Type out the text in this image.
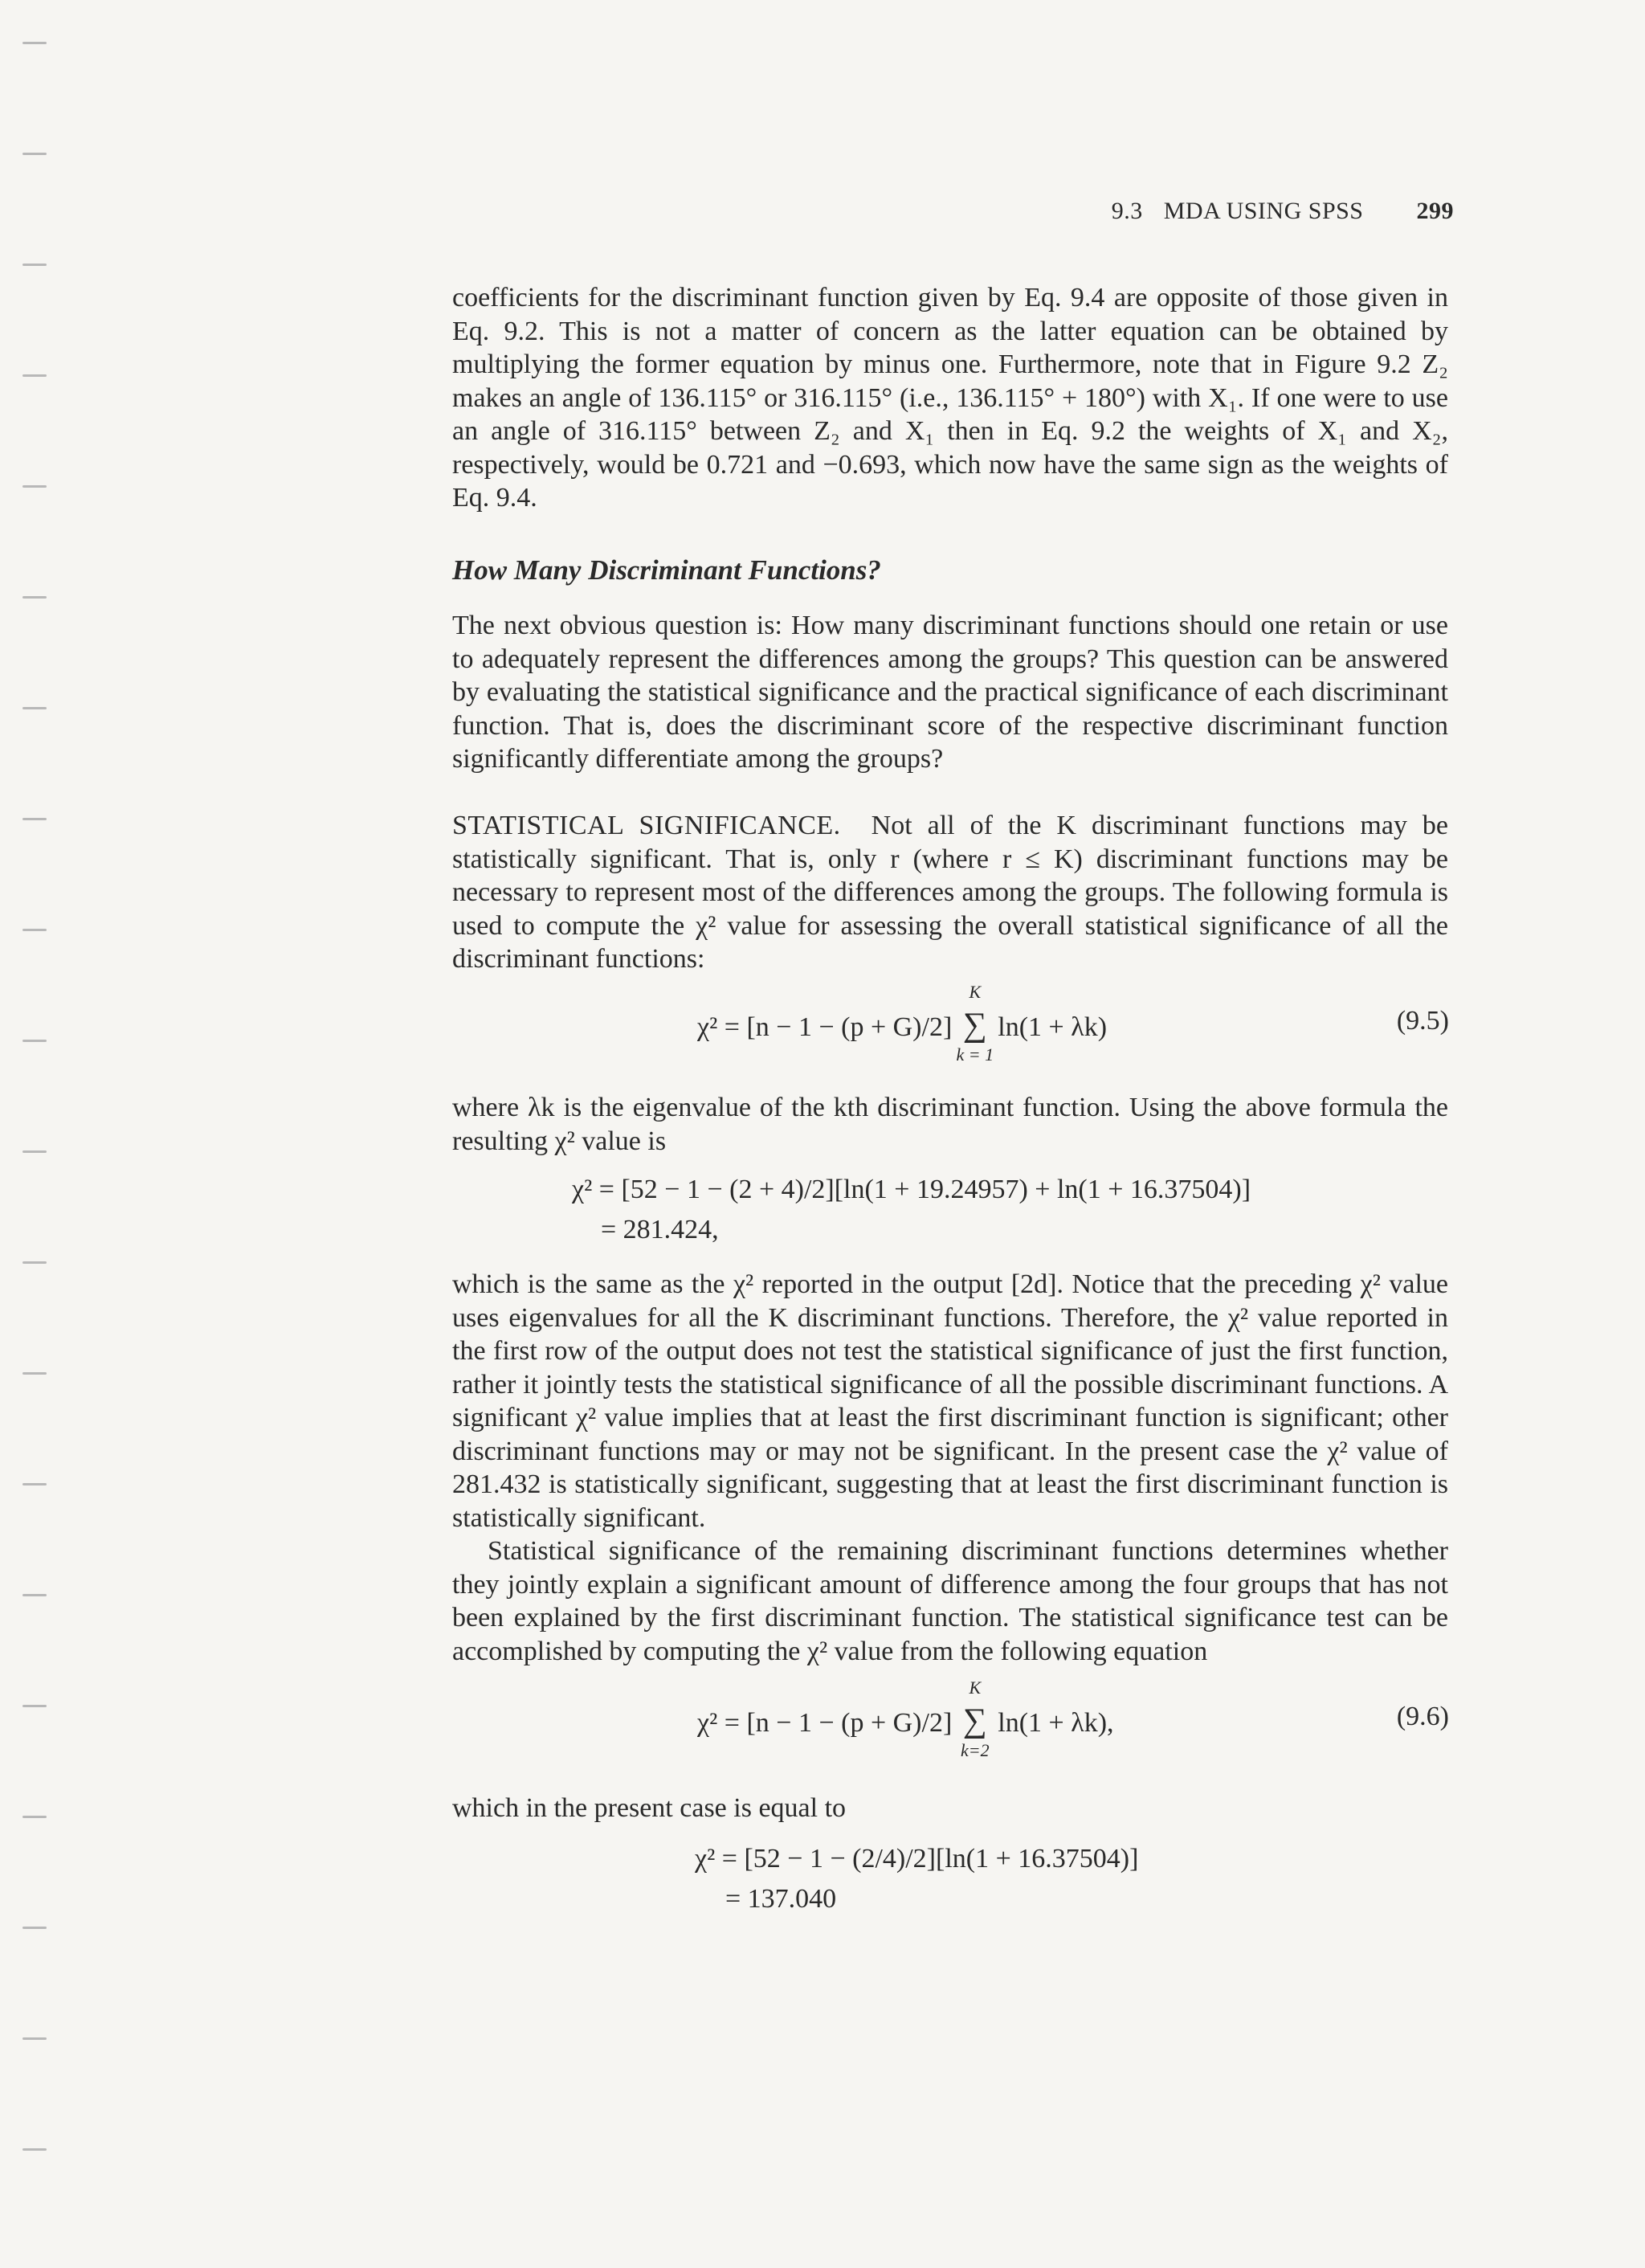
9.3 MDA USING SPSS 299

coefficients for the discriminant function given by Eq. 9.4 are opposite of those given in Eq. 9.2. This is not a matter of concern as the latter equation can be obtained by multiplying the former equation by minus one. Furthermore, note that in Figure 9.2 Z₂ makes an angle of 136.115° or 316.115° (i.e., 136.115° + 180°) with X₁. If one were to use an angle of 316.115° between Z₂ and X₁ then in Eq. 9.2 the weights of X₁ and X₂, respectively, would be 0.721 and −0.693, which now have the same sign as the weights of Eq. 9.4.

How Many Discriminant Functions?

The next obvious question is: How many discriminant functions should one retain or use to adequately represent the differences among the groups? This question can be answered by evaluating the statistical significance and the practical significance of each discriminant function. That is, does the discriminant score of the respective discriminant function significantly differentiate among the groups?

STATISTICAL SIGNIFICANCE. Not all of the K discriminant functions may be statistically significant. That is, only r (where r ≤ K) discriminant functions may be necessary to represent most of the differences among the groups. The following formula is used to compute the χ² value for assessing the overall statistical significance of all the discriminant functions:

χ² = [n − 1 − (p + G)/2] ∑
K
k = 1
ln(1 + λk)	(9.5)

where λk is the eigenvalue of the kth discriminant function. Using the above formula the resulting χ² value is

χ² = [52 − 1 − (2 + 4)/2][ln(1 + 19.24957) + ln(1 + 16.37504)]
= 281.424,

which is the same as the χ² reported in the output [2d]. Notice that the preceding χ² value uses eigenvalues for all the K discriminant functions. Therefore, the χ² value reported in the first row of the output does not test the statistical significance of just the first function, rather it jointly tests the statistical significance of all the possible discriminant functions. A significant χ² value implies that at least the first discriminant function is significant; other discriminant functions may or may not be significant. In the present case the χ² value of 281.432 is statistically significant, suggesting that at least the first discriminant function is statistically significant.

Statistical significance of the remaining discriminant functions determines whether they jointly explain a significant amount of difference among the four groups that has not been explained by the first discriminant function. The statistical significance test can be accomplished by computing the χ² value from the following equation

χ² = [n − 1 − (p + G)/2] ∑
K
k=2
ln(1 + λk),	(9.6)

which in the present case is equal to

χ² = [52 − 1 − (2/4)/2][ln(1 + 16.37504)]
= 137.040
